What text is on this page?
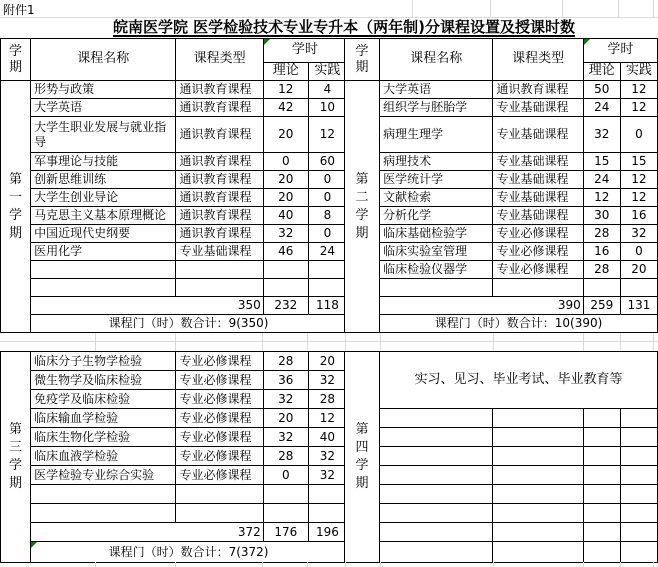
附件1
皖南医学院 医学检验技术专业专升本（两年制)分课程设置及授课时数
学期	课程名称	课程类型	学时	

			理论	实践

第一学期	形势与政策	通识教育课程	12	4
	大学英语	通识教育课程	42	10
	大学生职业发展与就业指导	通识教育课程	20	12
	军事理论与技能	通识教育课程	0	60
	创新思维训练	通识教育课程	20	0
	大学生创业导论	通识教育课程	20	0
	马克思主义基本原理概论	通识教育课程	40	8
	中国近现代史纲要	通识教育课程	32	0
	医用化学	专业基础课程	46	24

	350		232	118
	课程门（时）数合计：9(350)			
学期	课程名称	课程类型	学时	

			理论	实践

第二学期	大学英语	通识教育课程	50	12
	组织学与胚胎学	专业基础课程	24	12
	病理生理学	专业基础课程	32	0
	病理技术	专业基础课程	15	15
	医学统计学	专业基础课程	24	12
	文献检索	专业基础课程	12	12
	分析化学	专业基础课程	30	16
	临床基础检验学	专业必修课程	28	32
	临床实验室管理	专业必修课程	16	0
	临床检验仪器学	专业必修课程	28	20

	390		259	131
	课程门（时）数合计：10(390)			
第三学期	临床分子生物学检验	专业必修课程	28	20
	微生物学及临床检验	专业必修课程	36	32
	免疫学及临床检验	专业必修课程	32	28
	临床输血学检验	专业必修课程	20	12
	临床生物化学检验	专业必修课程	32	40
	临床血液学检验	专业必修课程	28	32
	医学检验专业综合实验	专业必修课程	0	32

	372		176	196
	课程门（时）数合计：7(372)			
第四学期	实习、见习、毕业考试、毕业教育等			
